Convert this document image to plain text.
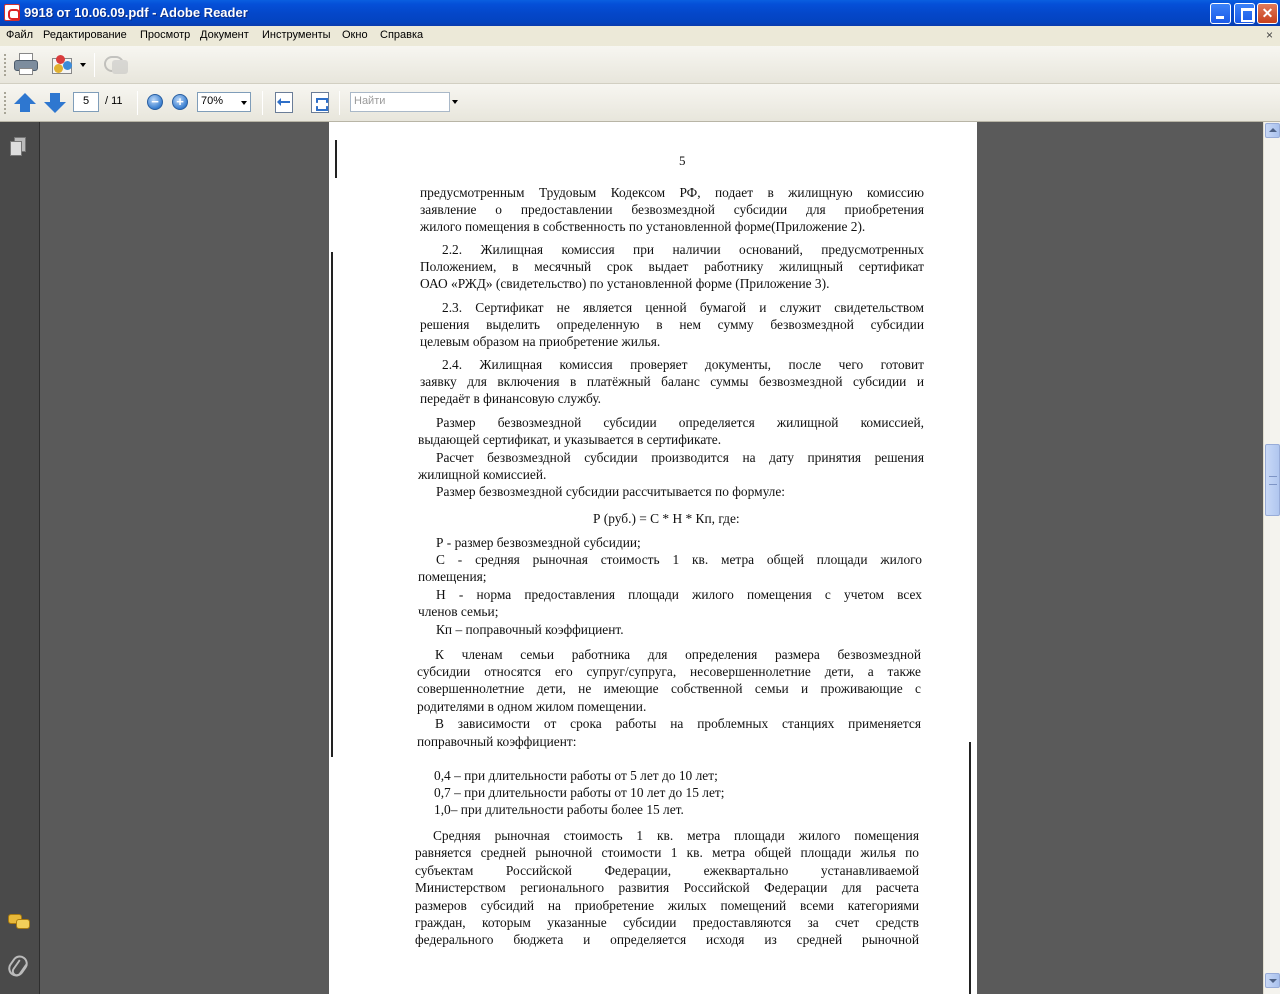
9918 от 10.06.09.pdf - Adobe Reader	✕
Файл Редактирование Просмотр Документ Инструменты Окно Справка	×
5	/ 11	−	+	70%	Найти
5
предусмотренным Трудовым Кодексом РФ, подает в жилищную комиссию
заявление о предоставлении безвозмездной субсидии для приобретения
жилого помещения в собственность по установленной форме(Приложение 2).
2.2. Жилищная комиссия при наличии оснований, предусмотренных
Положением, в месячный срок выдает работнику жилищный сертификат
ОАО «РЖД» (свидетельство) по установленной форме (Приложение 3).
2.3. Сертификат не является ценной бумагой и служит свидетельством
решения выделить определенную в нем сумму безвозмездной субсидии
целевым образом на приобретение жилья.
2.4. Жилищная комиссия проверяет документы, после чего готовит
заявку для включения в платёжный баланс суммы безвозмездной субсидии и
передаёт в финансовую службу.
Размер безвозмездной субсидии определяется жилищной комиссией,
выдающей сертификат, и указывается в сертификате.
Расчет безвозмездной субсидии производится на дату принятия решения
жилищной комиссией.
Размер безвозмездной субсидии рассчитывается по формуле:
Р (руб.) = С * Н * Кп, где:
Р - размер безвозмездной субсидии;
С - средняя рыночная стоимость 1 кв. метра общей площади жилого
помещения;
Н - норма предоставления площади жилого помещения с учетом всех
членов семьи;
Кп – поправочный коэффициент.
К членам семьи работника для определения размера безвозмездной
субсидии относятся его супруг/супруга, несовершеннолетние дети, а также
совершеннолетние дети, не имеющие собственной семьи и проживающие с
родителями в одном жилом помещении.
В зависимости от срока работы на проблемных станциях применяется
поправочный коэффициент:
0,4 – при длительности работы от 5 лет до 10 лет;
0,7 – при длительности работы от 10 лет до 15 лет;
1,0– при длительности работы более 15 лет.
Средняя рыночная стоимость 1 кв. метра площади жилого помещения
равняется средней рыночной стоимости 1 кв. метра общей площади жилья по
субъектам Российской Федерации, ежеквартально устанавливаемой
Министерством регионального развития Российской Федерации для расчета
размеров субсидий на приобретение жилых помещений всеми категориями
граждан, которым указанные субсидии предоставляются за счет средств
федерального бюджета и определяется исходя из средней рыночной
